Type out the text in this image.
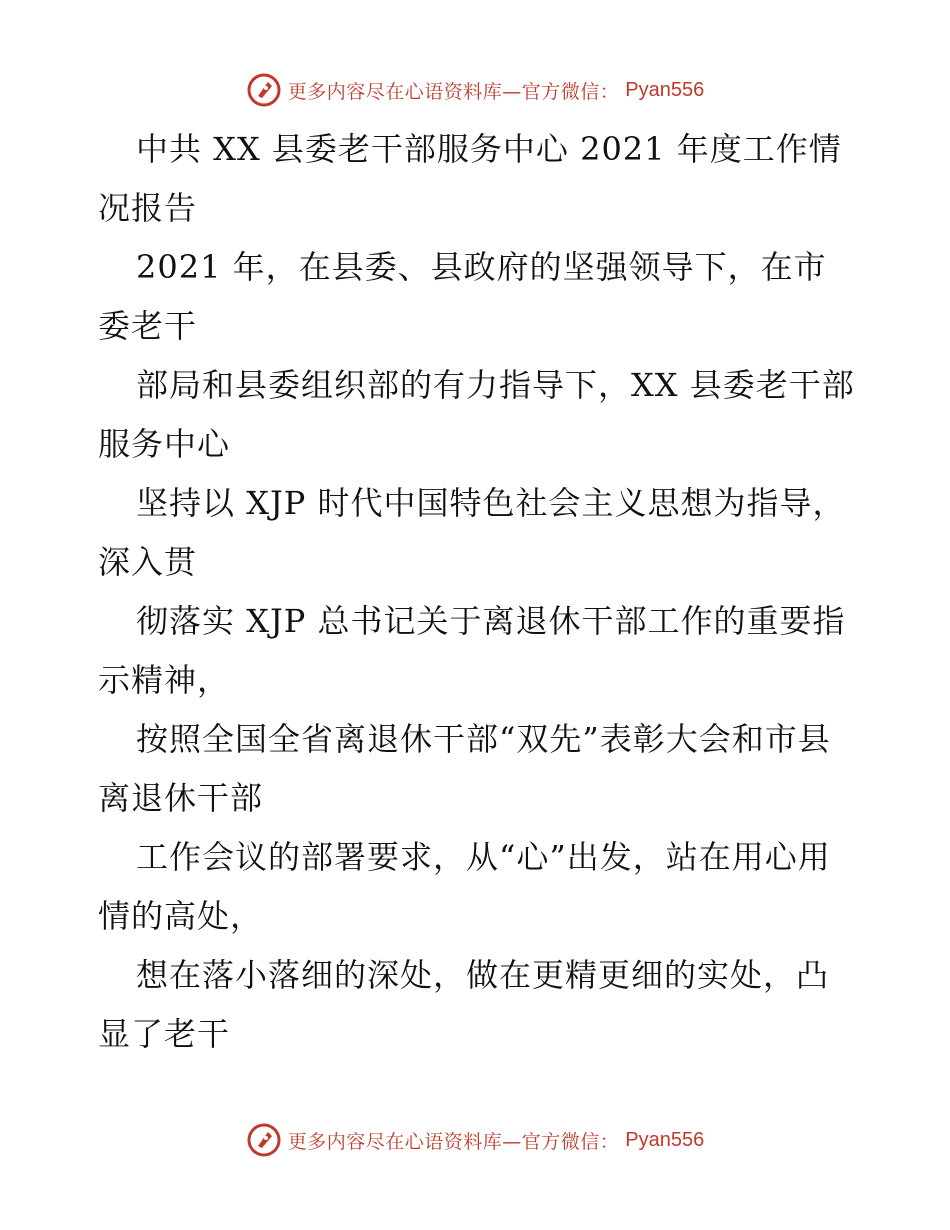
更多内容尽在心语资料库—官方微信： Pyan556

中共 XX 县委老干部服务中心 2021 年度工作情况报告

2021 年，在县委、县政府的坚强领导下，在市委老干

部局和县委组织部的有力指导下，XX 县委老干部服务中心

坚持以 XJP 时代中国特色社会主义思想为指导，深入贯

彻落实 XJP 总书记关于离退休干部工作的重要指示精神，

按照全国全省离退休干部“双先”表彰大会和市县离退休干部

工作会议的部署要求，从“心”出发，站在用心用情的高处，

想在落小落细的深处，做在更精更细的实处，凸显了老干

更多内容尽在心语资料库—官方微信： Pyan556
